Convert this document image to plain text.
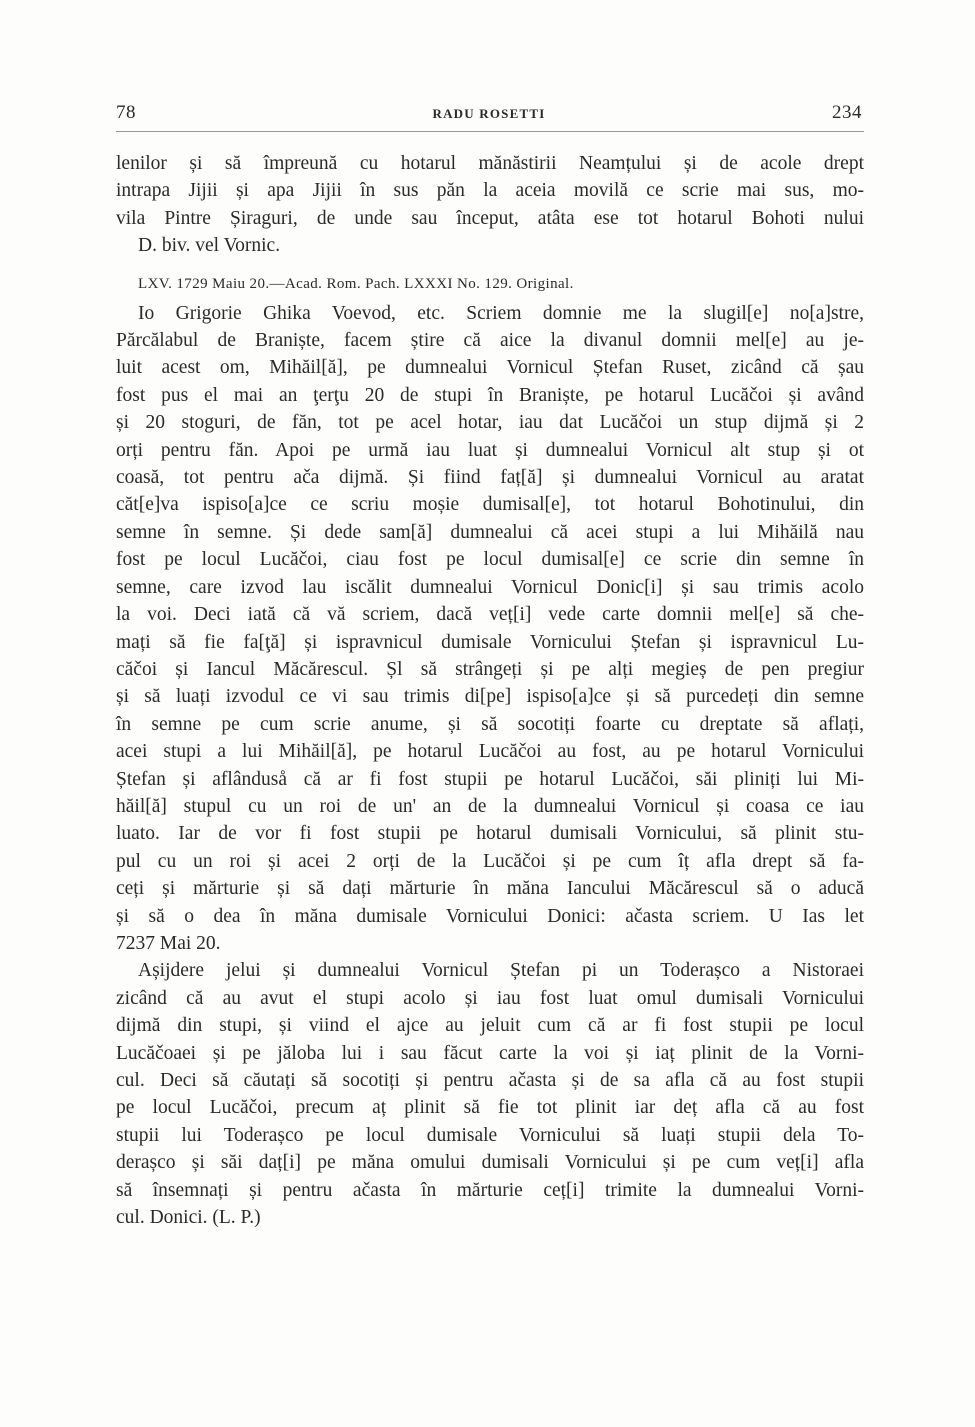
78	RADU ROSETTI	234
lenilor și să împreună cu hotarul mănăstirii Neamțului și de acole drept
intrapa Jijii și apa Jijii în sus păn la aceia movilă ce scrie mai sus, mo-
vila Pintre Șiraguri, de unde sau început, atâta ese tot hotarul Bohoti nului
D. biv. vel Vornic.
LXV. 1729 Maiu 20.—Acad. Rom. Pach. LXXXI No. 129. Original.
Io Grigorie Ghika Voevod, etc. Scriem domnie me la slugil[e] no[a]stre,
Părcălabul de Braniște, facem știre că aice la divanul domnii mel[e] au je-
luit acest om, Mihăil[ă], pe dumnealui Vornicul Ștefan Ruset, zicând că șau
fost pus el mai an ţerţu 20 de stupi în Braniște, pe hotarul Lucăčoi și având
și 20 stoguri, de făn, tot pe acel hotar, iau dat Lucăčoi un stup dijmă și 2
orți pentru făn. Apoi pe urmă iau luat și dumnealui Vornicul alt stup și ot
coasă, tot pentru ačа dijmă. Și fiind faț[ă] și dumnealui Vornicul au aratat
căt[e]va ispiso[a]ce ce scriu moșie dumisal[e], tot hotarul Bohotinului, din
semne în semne. Și dede sam[ă] dumnealui că acei stupi a lui Mihăilă nau
fost pe locul Lucăčoi, ciau fost pe locul dumisal[e] ce scrie din semne în
semne, care izvod lau iscălit dumnealui Vornicul Donic[i] și sau trimis acolo
la voi. Deci iată că vă scriem, dacă veț[i] vede carte domnii mel[e] să che-
mați să fie fa[ţă] și ispravnicul dumisale Vornicului Ștefan și ispravnicul Lu-
căčoi și Iancul Măcărescul. Șl să strângeți și pe alți megieș de pen pregiur
și să luați izvodul ce vi sau trimis di[pe] ispiso[a]ce și să purcedeți din semne
în semne pe cum scrie anume, și să socotiți foarte cu dreptate să aflați,
acei stupi a lui Mihăil[ă], pe hotarul Lucăčoi au fost, au pe hotarul Vornicului
Ștefan și aflânduså că ar fi fost stupii pe hotarul Lucăčoi, săi pliniți lui Mi-
hăil[ă] stupul cu un roi de un' an de la dumnealui Vornicul și coasa ce iau
luato. Iar de vor fi fost stupii pe hotarul dumisali Vornicului, să plinit stu-
pul cu un roi și acei 2 orți de la Lucăčoi și pe cum îț afla drept să fa-
ceți și mărturie și să dați mărturie în măna Iancului Măcărescul să o aducă
și să o dea în măna dumisale Vornicului Donici: ačasta scriem. U Ias let
7237 Mai 20.
Așijdere jelui și dumnealui Vornicul Ștefan pi un Toderașco a Nistoraei
zicând că au avut el stupi acolo și iau fost luat omul dumisali Vornicului
dijmă din stupi, și viind el ajce au jeluit cum că ar fi fost stupii pe locul
Lucăčoaei și pe jăloba lui i sau făcut carte la voi și iaț plinit de la Vorni-
cul. Deci să căutați să socotiți și pentru ačasta și de sa afla că au fost stupii
pe locul Lucăčoi, precum aț plinit să fie tot plinit iar deț afla că au fost
stupii lui Toderașco pe locul dumisale Vornicului să luați stupii dela To-
derașco și săi daț[i] pe măna omului dumisali Vornicului și pe cum veț[i] afla
să însemnați și pentru ačasta în mărturie ceț[i] trimite la dumnealui Vorni-
cul. Donici. (L. P.)
